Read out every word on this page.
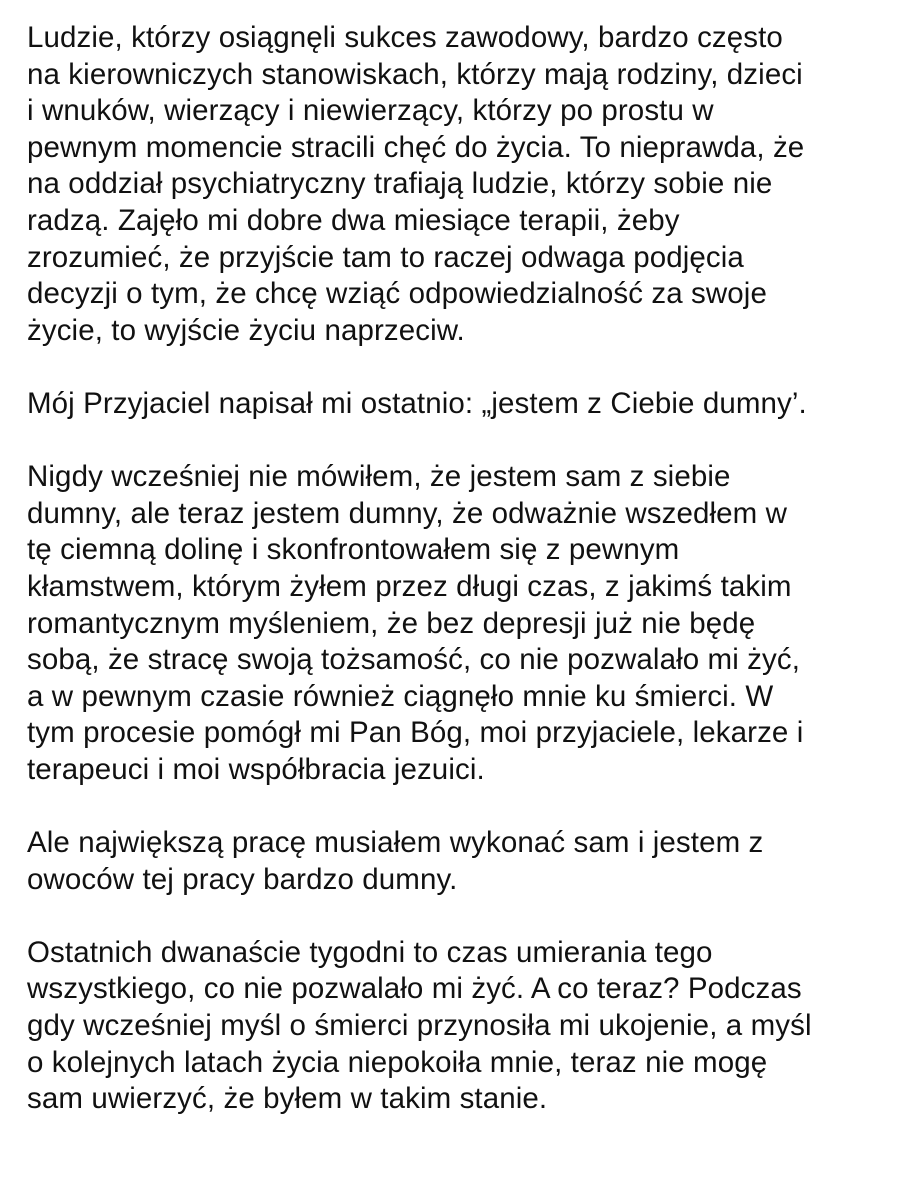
Ludzie, którzy osiągnęli sukces zawodowy, bardzo często
na kierowniczych stanowiskach, którzy mają rodziny, dzieci
i wnuków, wierzący i niewierzący, którzy po prostu w
pewnym momencie stracili chęć do życia. To nieprawda, że
na oddział psychiatryczny trafiają ludzie, którzy sobie nie
radzą. Zajęło mi dobre dwa miesiące terapii, żeby
zrozumieć, że przyjście tam to raczej odwaga podjęcia
decyzji o tym, że chcę wziąć odpowiedzialność za swoje
życie, to wyjście życiu naprzeciw.

Mój Przyjaciel napisał mi ostatnio: „jestem z Ciebie dumny’.

Nigdy wcześniej nie mówiłem, że jestem sam z siebie
dumny, ale teraz jestem dumny, że odważnie wszedłem w
tę ciemną dolinę i skonfrontowałem się z pewnym
kłamstwem, którym żyłem przez długi czas, z jakimś takim
romantycznym myśleniem, że bez depresji już nie będę
sobą, że stracę swoją tożsamość, co nie pozwalało mi żyć,
a w pewnym czasie również ciągnęło mnie ku śmierci. W
tym procesie pomógł mi Pan Bóg, moi przyjaciele, lekarze i
terapeuci i moi współbracia jezuici.

Ale największą pracę musiałem wykonać sam i jestem z
owoców tej pracy bardzo dumny.

Ostatnich dwanaście tygodni to czas umierania tego
wszystkiego, co nie pozwalało mi żyć. A co teraz? Podczas
gdy wcześniej myśl o śmierci przynosiła mi ukojenie, a myśl
o kolejnych latach życia niepokoiła mnie, teraz nie mogę
sam uwierzyć, że byłem w takim stanie.
